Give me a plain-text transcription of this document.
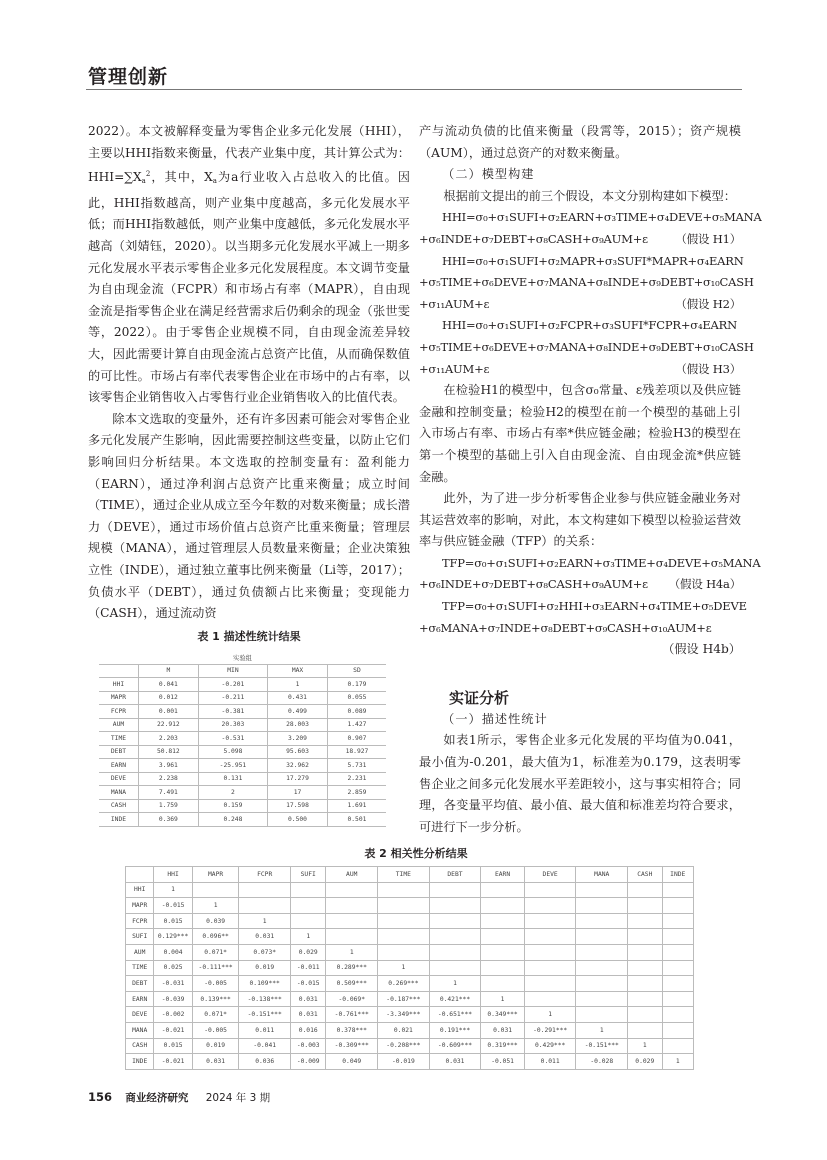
管理创新

2022）。本文被解释变量为零售企业多元化发展（HHI），主要以HHI指数来衡量，代表产业集中度，其计算公式为：$HHI=\sum X_a^2$，其中，$X_a$为a行业收入占总收入的比值。因此，HHI指数越高，则产业集中度越高，多元化发展水平低；而HHI指数越低，则产业集中度越低，多元化发展水平越高（刘婧钰，2020）。以当期多元化发展水平减上一期多元化发展水平表示零售企业多元化发展程度。本文调节变量为自由现金流（FCPR）和市场占有率（MAPR），自由现金流是指零售企业在满足经营需求后仍剩余的现金（张世雯等，2022）。由于零售企业规模不同，自由现金流差异较大，因此需要计算自由现金流占总资产比值，从而确保数值的可比性。市场占有率代表零售企业在市场中的占有率，以该零售企业销售收入占零售行业企业销售收入的比值代表。

除本文选取的变量外，还有许多因素可能会对零售企业多元化发展产生影响，因此需要控制这些变量，以防止它们影响回归分析结果。本文选取的控制变量有：盈利能力（EARN），通过净利润占总资产比重来衡量；成立时间（TIME），通过企业从成立至今年数的对数来衡量；成长潜力（DEVE），通过市场价值占总资产比重来衡量；管理层规模（MANA），通过管理层人员数量来衡量；企业决策独立性（INDE），通过独立董事比例来衡量（Li等，2017）；负债水平（DEBT），通过负债额占比来衡量；变现能力（CASH），通过流动资

表 1 描述性统计结果
实验组				
	M	MIN	MAX	SD
HHI	0.041	-0.201	1	0.179
MAPR	0.012	-0.211	0.431	0.055
FCPR	0.001	-0.381	0.499	0.089
AUM	22.912	20.303	28.003	1.427
TIME	2.203	-0.531	3.209	0.907
DEBT	50.812	5.098	95.603	18.927
EARN	3.961	-25.951	32.962	5.731
DEVE	2.238	0.131	17.279	2.231
MANA	7.491	2	17	2.859
CASH	1.759	0.159	17.598	1.691
INDE	0.369	0.248	0.500	0.501

产与流动负债的比值来衡量（段霄等，2015）；资产规模（AUM），通过总资产的对数来衡量。

（二）模型构建

根据前文提出的前三个假设，本文分别构建如下模型：

HHI=σ₀+σ₁SUFI+σ₂EARN+σ₃TIME+σ₄DEVE+σ₅MANA

+σ₆INDE+σ₇DEBT+σ₈CASH+σ₉AUM+ε （假设 H1）

HHI=σ₀+σ₁SUFI+σ₂MAPR+σ₃SUFI*MAPR+σ₄EARN

+σ₅TIME+σ₆DEVE+σ₇MANA+σ₈INDE+σ₉DEBT+σ₁₀CASH

+σ₁₁AUM+ε	（假设 H2）

HHI=σ₀+σ₁SUFI+σ₂FCPR+σ₃SUFI*FCPR+σ₄EARN

+σ₅TIME+σ₆DEVE+σ₇MANA+σ₈INDE+σ₉DEBT+σ₁₀CASH

+σ₁₁AUM+ε	（假设 H3）

在检验H1的模型中，包含σ₀常量、ε残差项以及供应链金融和控制变量；检验H2的模型在前一个模型的基础上引入市场占有率、市场占有率*供应链金融；检验H3的模型在第一个模型的基础上引入自由现金流、自由现金流*供应链金融。

此外，为了进一步分析零售企业参与供应链金融业务对其运营效率的影响，对此，本文构建如下模型以检验运营效率与供应链金融（TFP）的关系：

TFP=σ₀+σ₁SUFI+σ₂EARN+σ₃TIME+σ₄DEVE+σ₅MANA

+σ₆INDE+σ₇DEBT+σ₈CASH+σ₉AUM+ε （假设 H4a）

TFP=σ₀+σ₁SUFI+σ₂HHI+σ₃EARN+σ₄TIME+σ₅DEVE

+σ₆MANA+σ₇INDE+σ₈DEBT+σ₉CASH+σ₁₀AUM+ε

（假设 H4b）

实证分析

（一）描述性统计

如表1所示，零售企业多元化发展的平均值为0.041，最小值为-0.201，最大值为1，标准差为0.179，这表明零售企业之间多元化发展水平差距较小，这与事实相符合；同理，各变量平均值、最小值、最大值和标准差均符合要求，可进行下一步分析。

表 2 相关性分析结果
	HHI	MAPR	FCPR	SUFI	AUM	TIME	DEBT	EARN	DEVE	MANA	CASH	INDE
HHI	1											
MAPR	-0.015	1										
FCPR	0.015	0.039	1									
SUFI	0.129***	0.096**	0.031	1								
AUM	0.004	0.071*	0.073*	0.029	1							
TIME	0.025	-0.111***	0.019	-0.011	0.289***	1						
DEBT	-0.031	-0.005	0.109***	-0.015	0.509***	0.269***	1					
EARN	-0.039	0.139***	-0.138***	0.031	-0.069*	-0.187***	0.421***	1				
DEVE	-0.002	0.071*	-0.151***	0.031	-0.761***	-3.349***	-0.651***	0.349***	1			
MANA	-0.021	-0.005	0.011	0.016	0.378***	0.021	0.191***	0.031	-0.291***	1		
CASH	0.015	0.019	-0.041	-0.003	-0.309***	-0.208***	-0.609***	0.319***	0.429***	-0.151***	1	
INDE	-0.021	0.031	0.036	-0.009	0.049	-0.019	0.031	-0.051	0.011	-0.028	0.029	1
156 商业经济研究 2024 年 3 期
